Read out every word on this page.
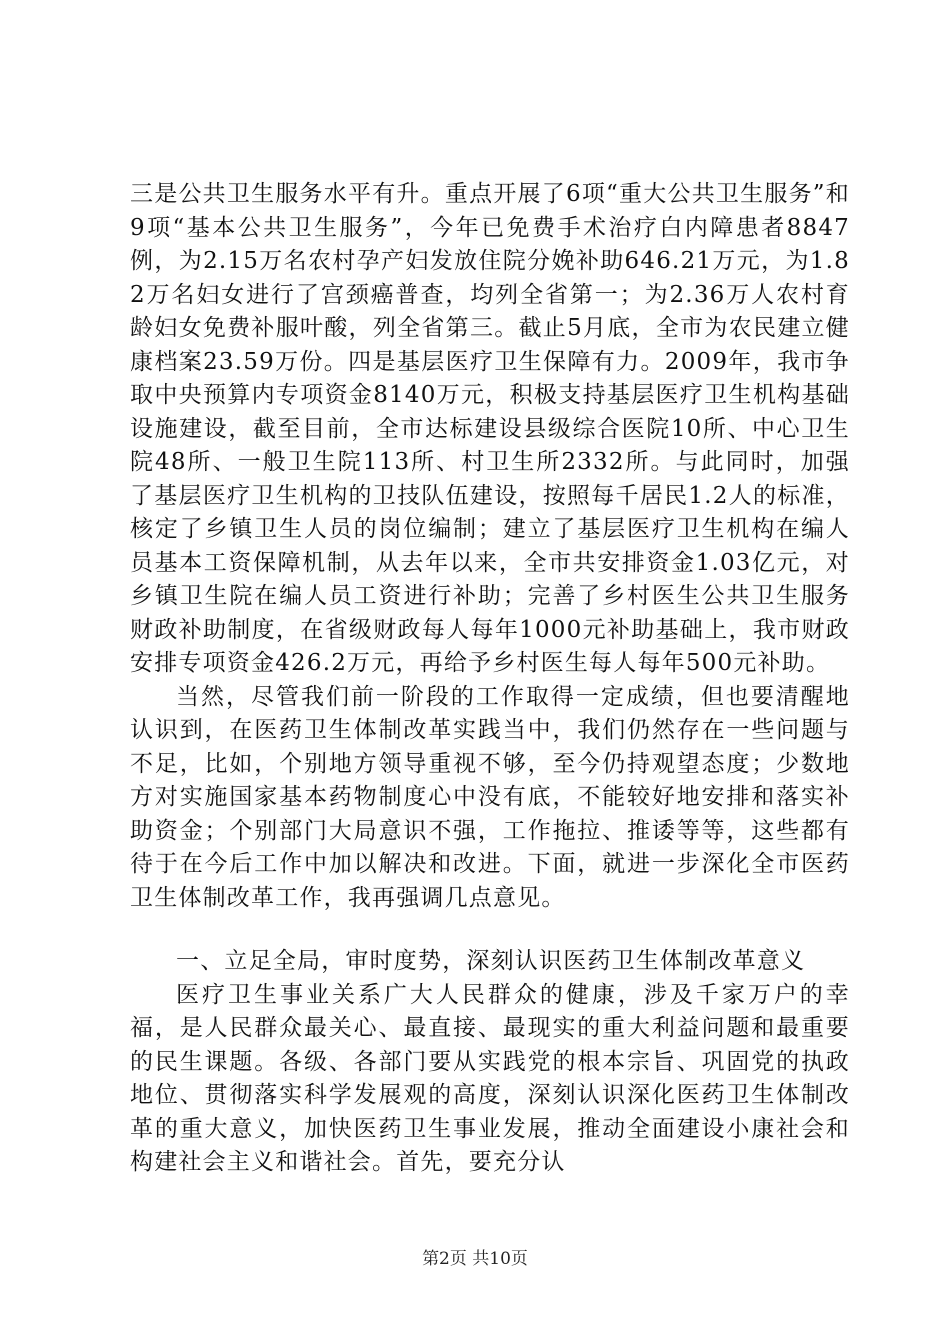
三是公共卫生服务水平有升。重点开展了6项“重大公共卫生服务”和9项“基本公共卫生服务”，今年已免费手术治疗白内障患者8847例，为2.15万名农村孕产妇发放住院分娩补助646.21万元，为1.82万名妇女进行了宫颈癌普查，均列全省第一；为2.36万人农村育龄妇女免费补服叶酸，列全省第三。截止5月底，全市为农民建立健康档案23.59万份。四是基层医疗卫生保障有力。2009年，我市争取中央预算内专项资金8140万元，积极支持基层医疗卫生机构基础设施建设，截至目前，全市达标建设县级综合医院10所、中心卫生院48所、一般卫生院113所、村卫生所2332所。与此同时，加强了基层医疗卫生机构的卫技队伍建设，按照每千居民1.2人的标准，核定了乡镇卫生人员的岗位编制；建立了基层医疗卫生机构在编人员基本工资保障机制，从去年以来，全市共安排资金1.03亿元，对乡镇卫生院在编人员工资进行补助；完善了乡村医生公共卫生服务财政补助制度，在省级财政每人每年1000元补助基础上，我市财政安排专项资金426.2万元，再给予乡村医生每人每年500元补助。

当然，尽管我们前一阶段的工作取得一定成绩，但也要清醒地认识到，在医药卫生体制改革实践当中，我们仍然存在一些问题与不足，比如，个别地方领导重视不够，至今仍持观望态度；少数地方对实施国家基本药物制度心中没有底，不能较好地安排和落实补助资金；个别部门大局意识不强，工作拖拉、推诿等等，这些都有待于在今后工作中加以解决和改进。下面，就进一步深化全市医药卫生体制改革工作，我再强调几点意见。

一、立足全局，审时度势，深刻认识医药卫生体制改革意义

医疗卫生事业关系广大人民群众的健康，涉及千家万户的幸福，是人民群众最关心、最直接、最现实的重大利益问题和最重要的民生课题。各级、各部门要从实践党的根本宗旨、巩固党的执政地位、贯彻落实科学发展观的高度，深刻认识深化医药卫生体制改革的重大意义，加快医药卫生事业发展，推动全面建设小康社会和构建社会主义和谐社会。首先，要充分认

第2页 共10页
